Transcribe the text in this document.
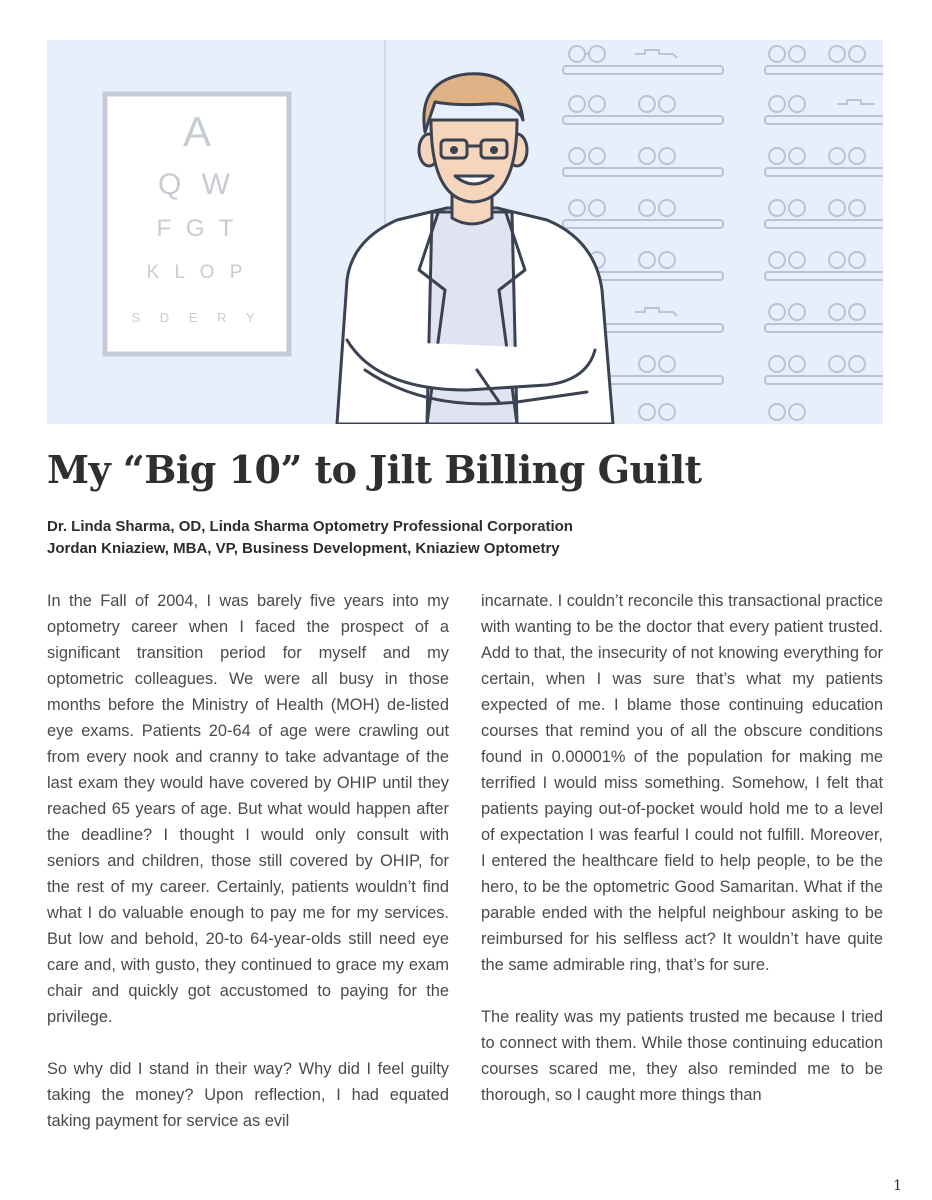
A
Q W
F G T
K L O P
S D E R Y
My “Big 10” to Jilt Billing Guilt
Dr. Linda Sharma, OD, Linda Sharma Optometry Professional Corporation
Jordan Kniaziew, MBA, VP, Business Development, Kniaziew Optometry

In the Fall of 2004, I was barely five years into my optometry career when I faced the prospect of a significant transition period for myself and my optometric colleagues. We were all busy in those months before the Ministry of Health (MOH) de-listed eye exams. Patients 20-64 of age were crawling out from every nook and cranny to take advantage of the last exam they would have covered by OHIP until they reached 65 years of age. But what would happen after the deadline? I thought I would only consult with seniors and children, those still covered by OHIP, for the rest of my career. Certainly, patients wouldn’t find what I do valuable enough to pay me for my services. But low and behold, 20-to 64-year-olds still need eye care and, with gusto, they continued to grace my exam chair and quickly got accustomed to paying for the privilege.

So why did I stand in their way? Why did I feel guilty taking the money? Upon reflection, I had equated taking payment for service as evil

incarnate. I couldn’t reconcile this transactional practice with wanting to be the doctor that every patient trusted. Add to that, the insecurity of not knowing everything for certain, when I was sure that’s what my patients expected of me. I blame those continuing education courses that remind you of all the obscure conditions found in 0.00001% of the population for making me terrified I would miss something. Somehow, I felt that patients paying out-of-pocket would hold me to a level of expectation I was fearful I could not fulfill. Moreover, I entered the healthcare field to help people, to be the hero, to be the optometric Good Samaritan. What if the parable ended with the helpful neighbour asking to be reimbursed for his selfless act? It wouldn’t have quite the same admirable ring, that’s for sure.

The reality was my patients trusted me because I tried to connect with them. While those continuing education courses scared me, they also reminded me to be thorough, so I caught more things than

1
